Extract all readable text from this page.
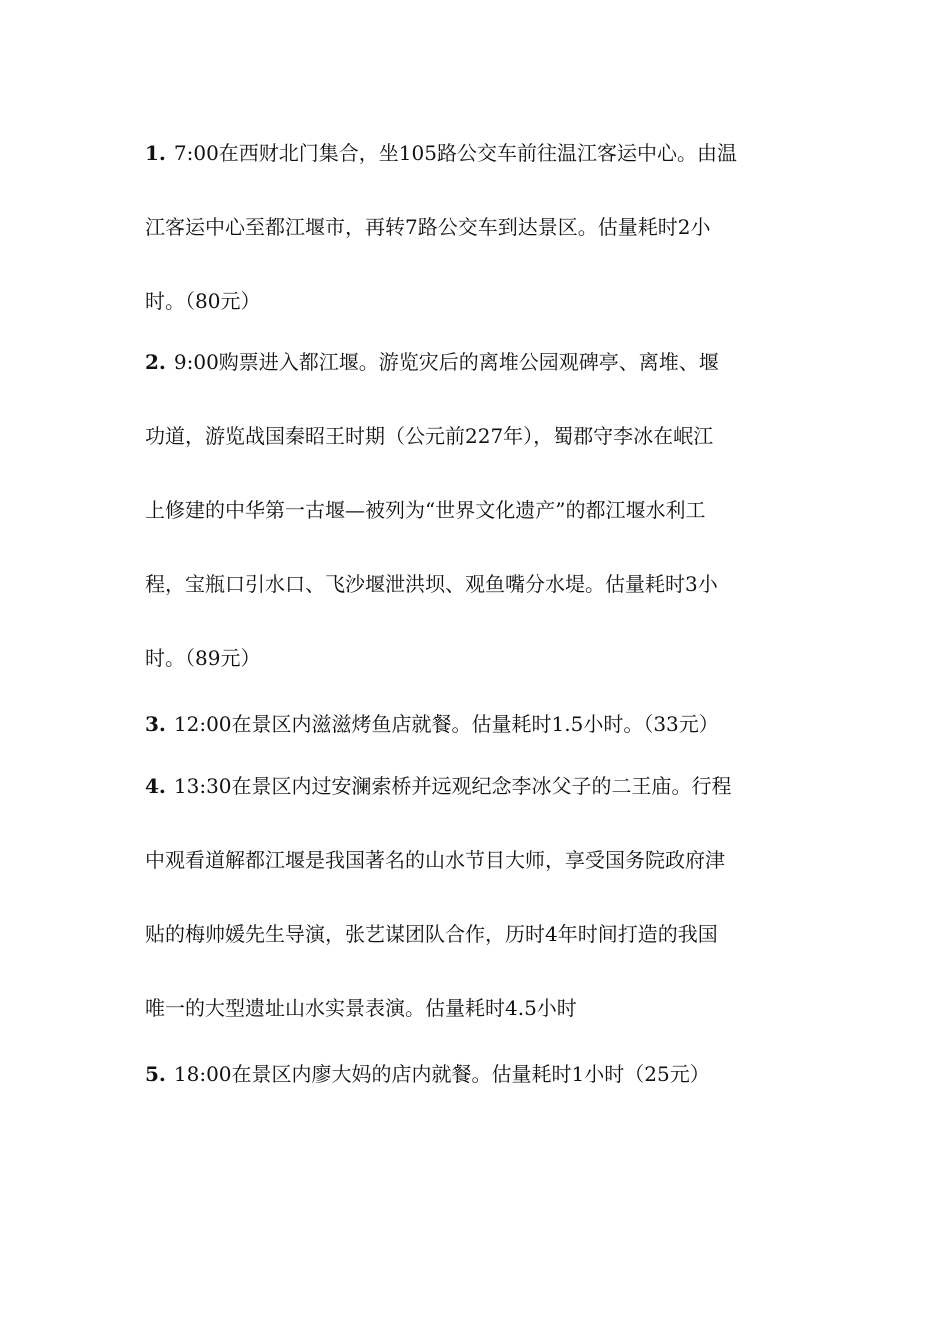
1. 7:00在西财北门集合，坐105路公交车前往温江客运中心。由温
江客运中心至都江堰市，再转7路公交车到达景区。估量耗时2小
时。（80元）
2. 9:00购票进入都江堰。游览灾后的离堆公园观碑亭、离堆、堰
功道，游览战国秦昭王时期（公元前227年），蜀郡守李冰在岷江
上修建的中华第一古堰—被列为“世界文化遗产”的都江堰水利工
程，宝瓶口引水口、飞沙堰泄洪坝、观鱼嘴分水堤。估量耗时3小
时。（89元）
3. 12:00在景区内滋滋烤鱼店就餐。估量耗时1.5小时。（33元）
4. 13:30在景区内过安澜索桥并远观纪念李冰父子的二王庙。行程
中观看道解都江堰是我国著名的山水节目大师，享受国务院政府津
贴的梅帅媛先生导演，张艺谋团队合作，历时4年时间打造的我国
唯一的大型遗址山水实景表演。估量耗时4.5小时
5. 18:00在景区内廖大妈的店内就餐。估量耗时1小时（25元）
